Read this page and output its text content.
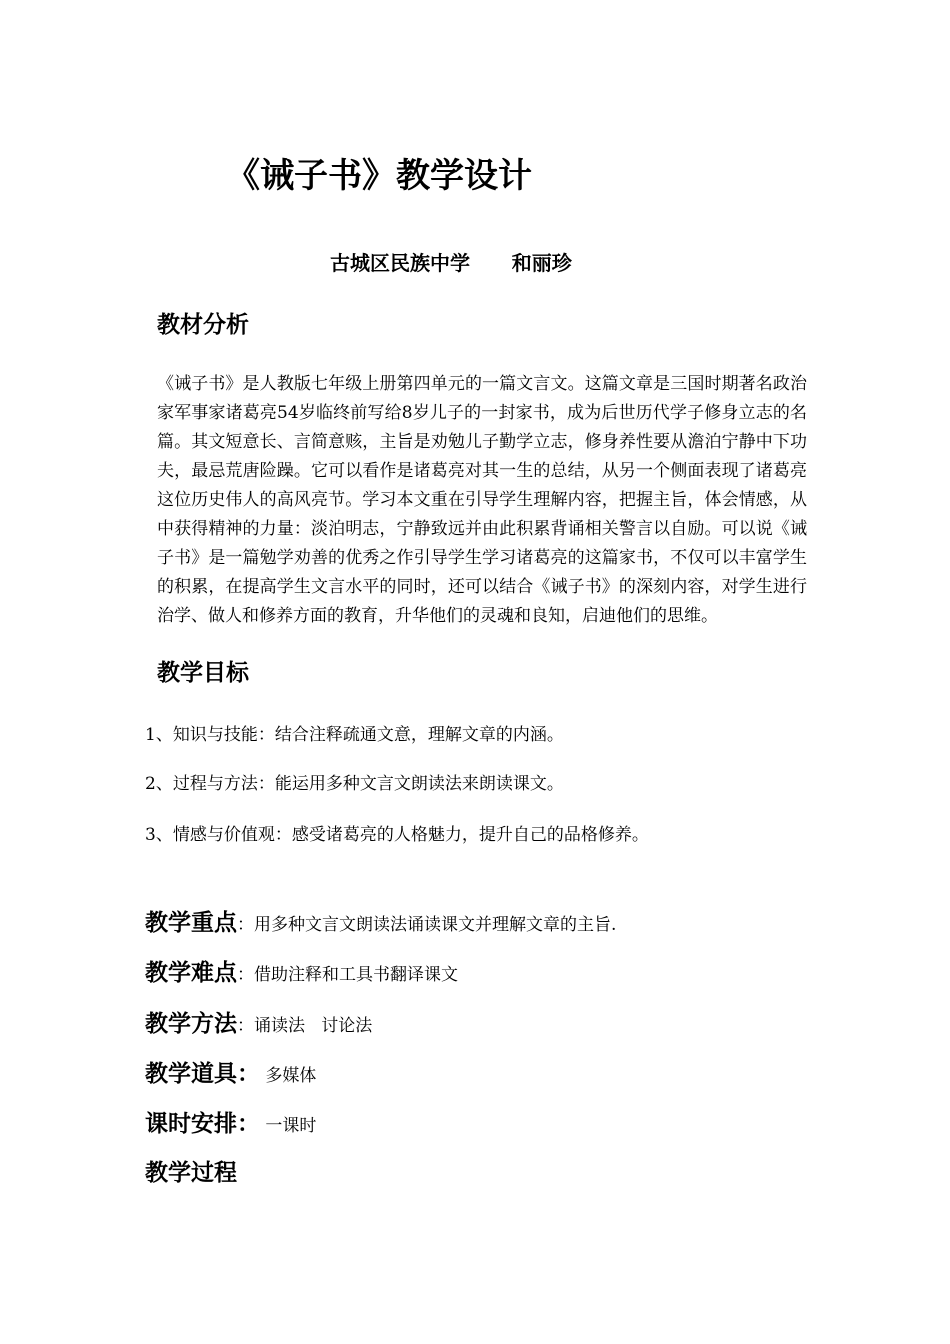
《诫子书》教学设计
古城区民族中学      和丽珍
教材分析

《诫子书》是人教版七年级上册第四单元的一篇文言文。这篇文章是三国时期著名政治家军事家诸葛亮54岁临终前写给8岁儿子的一封家书，成为后世历代学子修身立志的名篇。其文短意长、言简意赅，主旨是劝勉儿子勤学立志，修身养性要从澹泊宁静中下功夫，最忌荒唐险躁。它可以看作是诸葛亮对其一生的总结，从另一个侧面表现了诸葛亮这位历史伟人的高风亮节。学习本文重在引导学生理解内容，把握主旨，体会情感，从中获得精神的力量：淡泊明志，宁静致远并由此积累背诵相关警言以自励。可以说《诫子书》是一篇勉学劝善的优秀之作引导学生学习诸葛亮的这篇家书，不仅可以丰富学生的积累，在提高学生文言水平的同时，还可以结合《诫子书》的深刻内容，对学生进行治学、做人和修养方面的教育，升华他们的灵魂和良知，启迪他们的思维。

教学目标
1、知识与技能：结合注释疏通文意，理解文章的内涵。
2、过程与方法：能运用多种文言文朗读法来朗读课文。
3、情感与价值观：感受诸葛亮的人格魅力，提升自己的品格修养。
教学重点：用多种文言文朗读法诵读课文并理解文章的主旨.
教学难点：借助注释和工具书翻译课文
教学方法：诵读法   讨论法
教学道具： 多媒体
课时安排： 一课时
教学过程
